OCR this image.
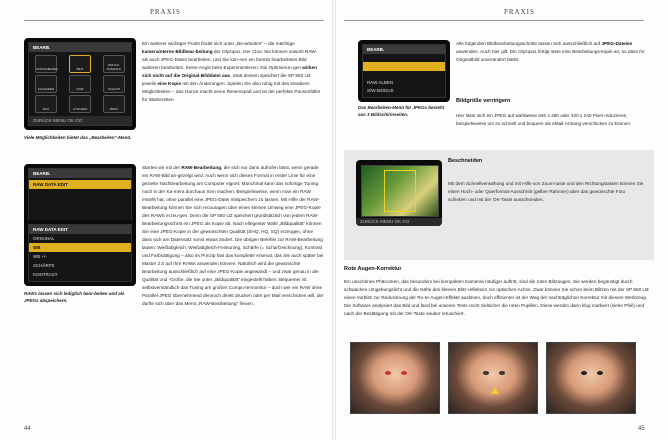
PRAXIS
BEARB.
ZUSCHNEIDEN	BILD
DRUCK-AUSWAHL
KALENDER	RAW	SCHUTZ
BOX	LÖSCHEN	MENÜ
ZURÜCK MENU OK GO

Viele Möglichkeiten bietet das „Bearbeiten“-Menü.

Ein weiterer wichtiger Punkt findet sich unter „Be-arbeiten“ – die mächtige kamerainterne Bildbear-beitung der Olympus. Der Clou: Sie können sowohl RAW- als auch JPEG-Daten bearbeiten, und Sie kön-nen ein bereits bearbeitetes Bild weiteren bearbeiten. Keine Angst beim Experimentieren: Die Optimierun-gen wirken sich nicht auf die Original-Bilddatei aus. Statt dessen speichert die SP 550 UZ jeweils eine Kopie mit den Änderungen. Spielen Sie also ruhig mit den kreativen Möglichkeiten – das Ganze macht einen Riesenspaß und ist der perfekte Pausenfüller für Wartezeiten.

BEARB.
RAW DATA EDIT
RAW DATA EDIT
ORIGINAL
WB
WB +/-
SCHÄRFE
KONTRAST

RAWs lassen sich lediglich bear-beiten und als JPEGs abspeichern.

Starten wir mit der RAW-Bearbeitung, die sich nur dann aufrufen lässt, wenn gerade ein RAW-Bild an-gezeigt wird. Auch wenn sich dieses Format in erster Linie für eine gezielte Nachbearbeitung am Computer eignet: Manchmal kann das sofortige Tuning noch in der Ka-mera durchaus Sinn machen. Beispielsweise, wenn man ein RAW erstellt hat, ohne parallel eine JPEG-Datei mitspeichern zu lassen. Mit Hilfe der RAW-Bearbeitung können Sie sich recouragen über einen kleinen Umweg eine JPEG-Kopie des RAWS erzeu-gen. Denn die SP 550 UZ speichert grundsätzlich von jedem RAW-Bearbeitungsschritt ein JPEG als Kopie ab. Nach ellegenter Wahl „Bildqualität“ können Sie eine JPEG-Kopie in der gewünschten Qualität (SHQ, HQ, SQ) erzeugen, ohne dass sich am Datensatz sonst etwas ändert. Die übrigen Befehle zur RAW-Bearbeitung lauten: Weißabgleich, Weißabgleich-Feintuning, Schärfe (= Scharfzeichnung), Kontrast und Farbsättigung – also im Prinzip fast das komplette Arsenal, das Sie auch später bei Master 2.0 auf Ihre RAWs anwenden können. Natürlich wird die gewünschte Bearbeitung ausschließlich auf eine JPEG-Kopie angewandt – und zwar genau in der Qualität und -Größe, die Sie unter „Bildqualität“ eingestellt haben. Bequemer ist selbstverständlich das Tuning am großen Compu-termonitor – doch wer ein RAW ohne Parallel-JPEG übernehmend dennoch direkt drucken oder per Mail verschicken will, der dürfte sich über das Menü „RAW-Bearbeitung“ freuen.

44
PRAXIS
BEARB.
RAW ALBEN
S/W-MODUS

Das Bearbeiten-Menü für JPEGs besteht aus 3 Bildschirmseiten.

Alle folgenden Bildbearbeitungsschritte lassen sich ausschließlich auf JPEG-Dateien anwenden. Auch hier gilt: Die Olympus fertigt stets eine Bearbeitungs-kopie an, so dass Ihr Originalbild unverändert bleibt.

Bildgröße verringern

Hier lässt sich ein JPEG auf wahlweise 640 x 480 oder 320 x 240 Pixel reduzieren, beispielsweise um es schnell und bequem als eMail-Anhang verschicken zu können.

Beschneiden

ZURÜCK MENU OK GO

Mit dem Schnellverwähung und mit Hilfe von Zoom-taste und den Richtungstasten können Sie einen Hoch- oder Querformat-Ausschnitt (gelber Rahmen) über das gewünschte Foto schieben und mit der OK-Taste ausschneiden.

Rote Augen-Korrektur

Ein unschönes Phänomen, das besonders bei kompakten Kameras häufiger auftritt, sind die roten Blitzaugen. Sie werden begünstigt durch schwaches Umgebungslicht und die Nähe des kleinen Blitz-reflektors zur optischen Achse. Zwar können Sie schon beim Blitzen mit der SP 550 UZ einen Vorblitz zur Reduzierung der Ro-te-Augen-Effekte auslösen, doch effizienter ist der Weg der nachträglichen Korrektur mit diesem Werkzeug. Die Software analysiert das Bild und fand bei unseren Tests recht zielsicher die roten Pupillen. Diese werden dann klug markiert (siehe Pfeil) und nach der Bestätigung mit der OK-Taste sauber retuschiert.

45
